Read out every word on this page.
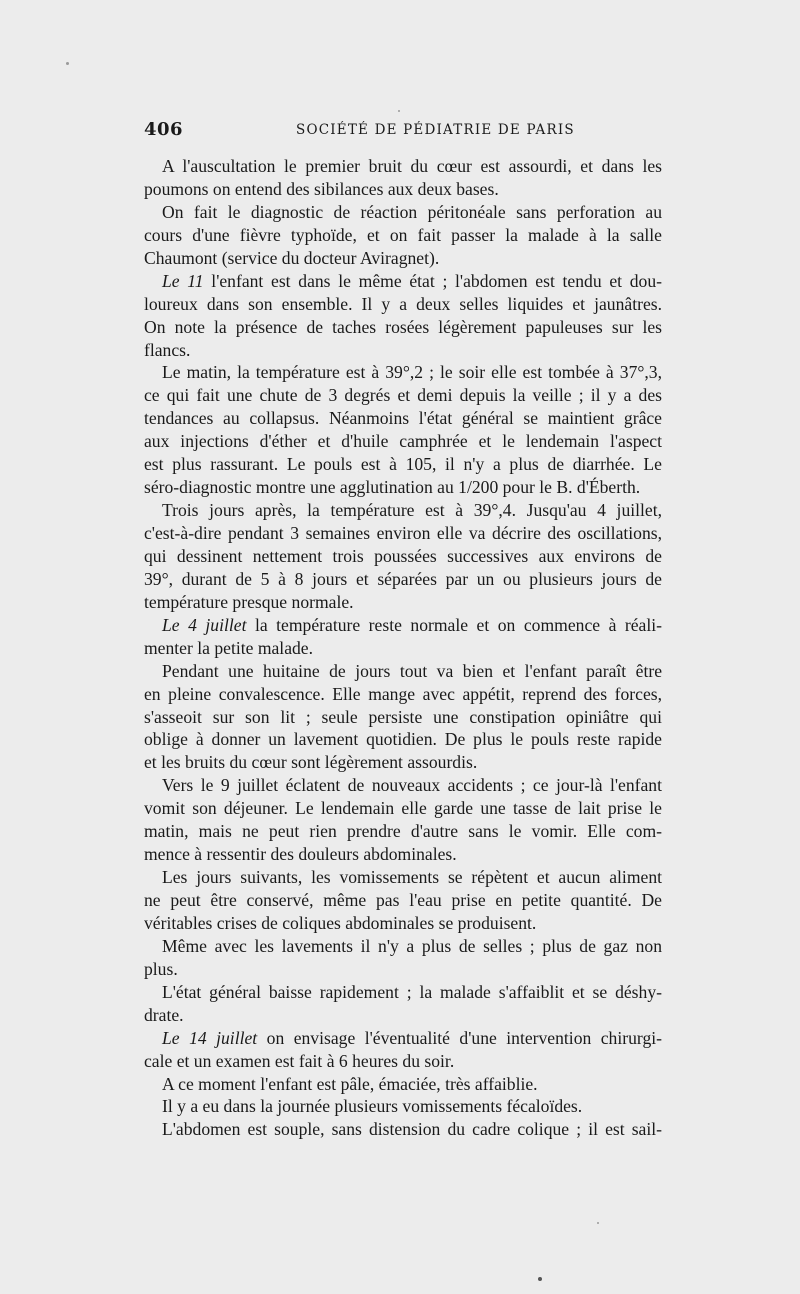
406	SOCIÉTÉ DE PÉDIATRIE DE PARIS
A l'auscultation le premier bruit du cœur est assourdi, et dans les
poumons on entend des sibilances aux deux bases.
On fait le diagnostic de réaction péritonéale sans perforation au
cours d'une fièvre typhoïde, et on fait passer la malade à la salle
Chaumont (service du docteur Aviragnet).
Le 11 l'enfant est dans le même état ; l'abdomen est tendu et dou-
loureux dans son ensemble. Il y a deux selles liquides et jaunâtres.
On note la présence de taches rosées légèrement papuleuses sur les
flancs.
Le matin, la température est à 39°,2 ; le soir elle est tombée à 37°,3,
ce qui fait une chute de 3 degrés et demi depuis la veille ; il y a des
tendances au collapsus. Néanmoins l'état général se maintient grâce
aux injections d'éther et d'huile camphrée et le lendemain l'aspect
est plus rassurant. Le pouls est à 105, il n'y a plus de diarrhée. Le
séro-diagnostic montre une agglutination au 1/200 pour le B. d'Éberth.
Trois jours après, la température est à 39°,4. Jusqu'au 4 juillet,
c'est-à-dire pendant 3 semaines environ elle va décrire des oscillations,
qui dessinent nettement trois poussées successives aux environs de
39°, durant de 5 à 8 jours et séparées par un ou plusieurs jours de
température presque normale.
Le 4 juillet la température reste normale et on commence à réali-
menter la petite malade.
Pendant une huitaine de jours tout va bien et l'enfant paraît être
en pleine convalescence. Elle mange avec appétit, reprend des forces,
s'asseoit sur son lit ; seule persiste une constipation opiniâtre qui
oblige à donner un lavement quotidien. De plus le pouls reste rapide
et les bruits du cœur sont légèrement assourdis.
Vers le 9 juillet éclatent de nouveaux accidents ; ce jour-là l'enfant
vomit son déjeuner. Le lendemain elle garde une tasse de lait prise le
matin, mais ne peut rien prendre d'autre sans le vomir. Elle com-
mence à ressentir des douleurs abdominales.
Les jours suivants, les vomissements se répètent et aucun aliment
ne peut être conservé, même pas l'eau prise en petite quantité. De
véritables crises de coliques abdominales se produisent.
Même avec les lavements il n'y a plus de selles ; plus de gaz non
plus.
L'état général baisse rapidement ; la malade s'affaiblit et se déshy-
drate.
Le 14 juillet on envisage l'éventualité d'une intervention chirurgi-
cale et un examen est fait à 6 heures du soir.
A ce moment l'enfant est pâle, émaciée, très affaiblie.
Il y a eu dans la journée plusieurs vomissements fécaloïdes.
L'abdomen est souple, sans distension du cadre colique ; il est sail-
